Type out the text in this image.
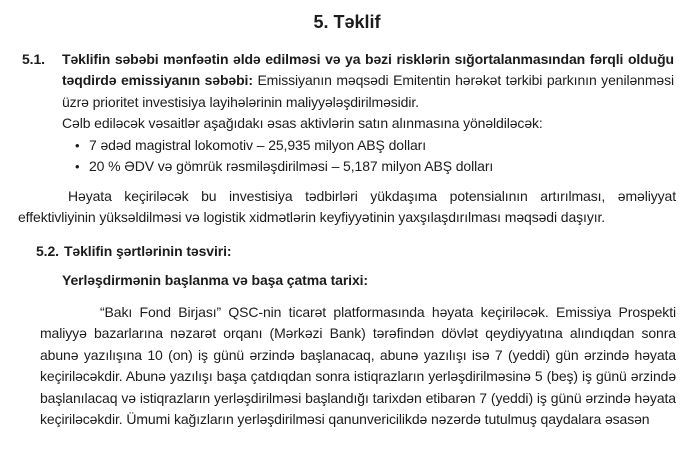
5. Təklif
5.1.	Təklifin səbəbi mənfəətin əldə edilməsi və ya bəzi risklərin sığortalanmasından fərqli olduğu təqdirdə emissiyanın səbəbi: Emissiyanın məqsədi Emitentin hərəkət tərkibi parkının yenilənməsi üzrə prioritet investisiya layihələrinin maliyyələşdirilməsidir.

Cəlb ediləcək vəsaitlər aşağıdakı əsas aktivlərin satın alınmasına yönəldiləcək:

• 7 ədəd magistral lokomotiv – 25,935 milyon ABŞ dolları
• 20 % ƏDV və gömrük rəsmiləşdirilməsi – 5,187 milyon ABŞ dolları

Həyata keçiriləcək bu investisiya tədbirləri yükdaşıma potensialının artırılması, əməliyyat effektivliyinin yüksəldilməsi və logistik xidmətlərin keyfiyyətinin yaxşılaşdırılması məqsədi daşıyır.

5.2. Təklifin şərtlərinin təsviri:

Yerləşdirmənin başlanma və başa çatma tarixi:

“Bakı Fond Birjası” QSC-nin ticarət platformasında həyata keçiriləcək. Emissiya Prospekti maliyyə bazarlarına nəzarət orqanı (Mərkəzi Bank) tərəfindən dövlət qeydiyyatına alındıqdan sonra abunə yazılışına 10 (on) iş günü ərzində başlanacaq, abunə yazılışı isə 7 (yeddi) gün ərzində həyata keçiriləcəkdir. Abunə yazılışı başa çatdıqdan sonra istiqrazların yerləşdirilməsinə 5 (beş) iş günü ərzində başlanılacaq və istiqrazların yerləşdirilməsi başlandığı tarixdən etibarən 7 (yeddi) iş günü ərzində həyata keçiriləcəkdir. Ümumi kağızların yerləşdirilməsi qanunvericilikdə nəzərdə tutulmuş qaydalara əsasən
